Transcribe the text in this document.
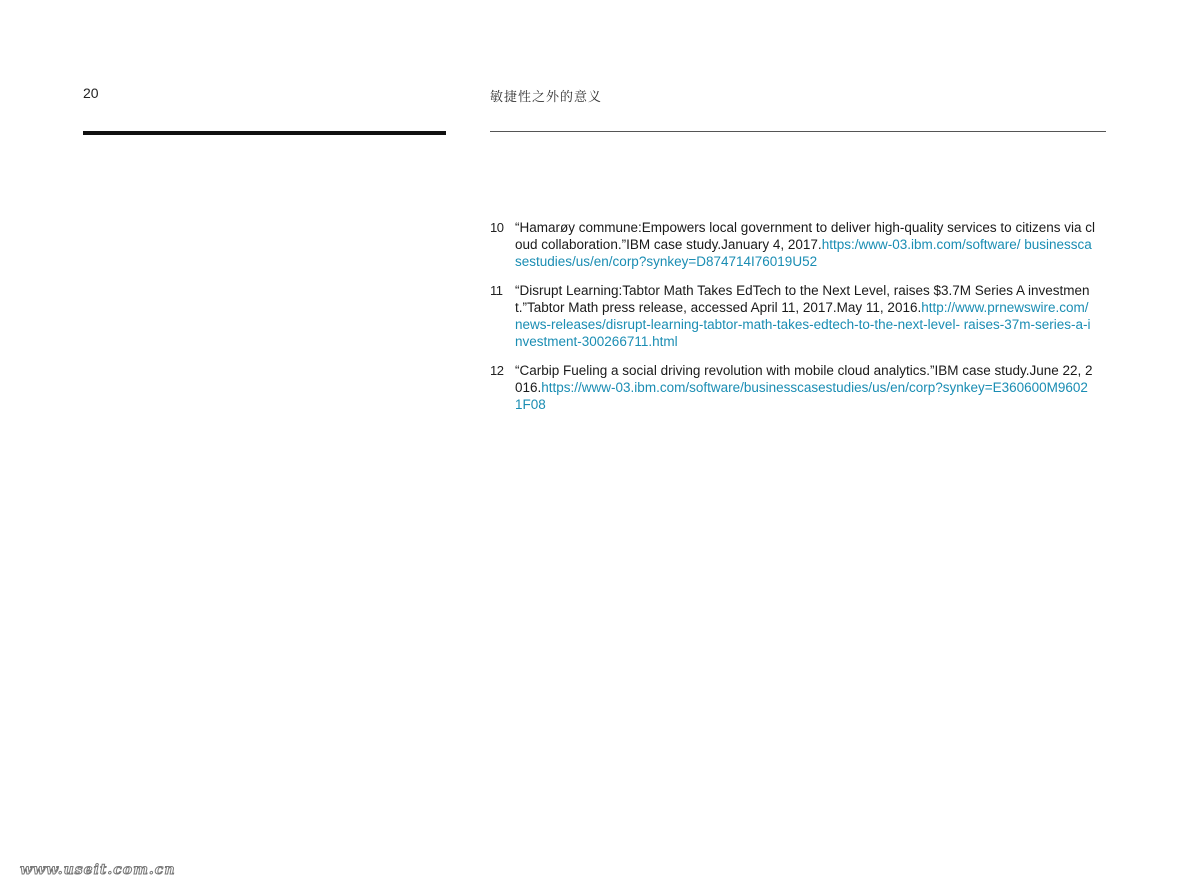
20	敏捷性之外的意义
10 “Hamarøy commune:Empowers local government to deliver high-quality services to citizens via cloud collaboration.”IBM case study.January 4, 2017.https:/www-03.ibm.com/software/ businesscasestudies/us/en/corp?synkey=D874714I76019U52
11 “Disrupt Learning:Tabtor Math Takes EdTech to the Next Level, raises $3.7M Series A investment.”Tabtor Math press release, accessed April 11, 2017.May 11, 2016.http://www.prnewswire.com/news-releases/disrupt-learning-tabtor-math-takes-edtech-to-the-next-level- raises-37m-series-a-investment-300266711.html
12 “Carbip Fueling a social driving revolution with mobile cloud analytics.”IBM case study.June 22, 2016.https://www-03.ibm.com/software/businesscasestudies/us/en/corp?synkey=E360600M96021F08
www.useit.com.cn
